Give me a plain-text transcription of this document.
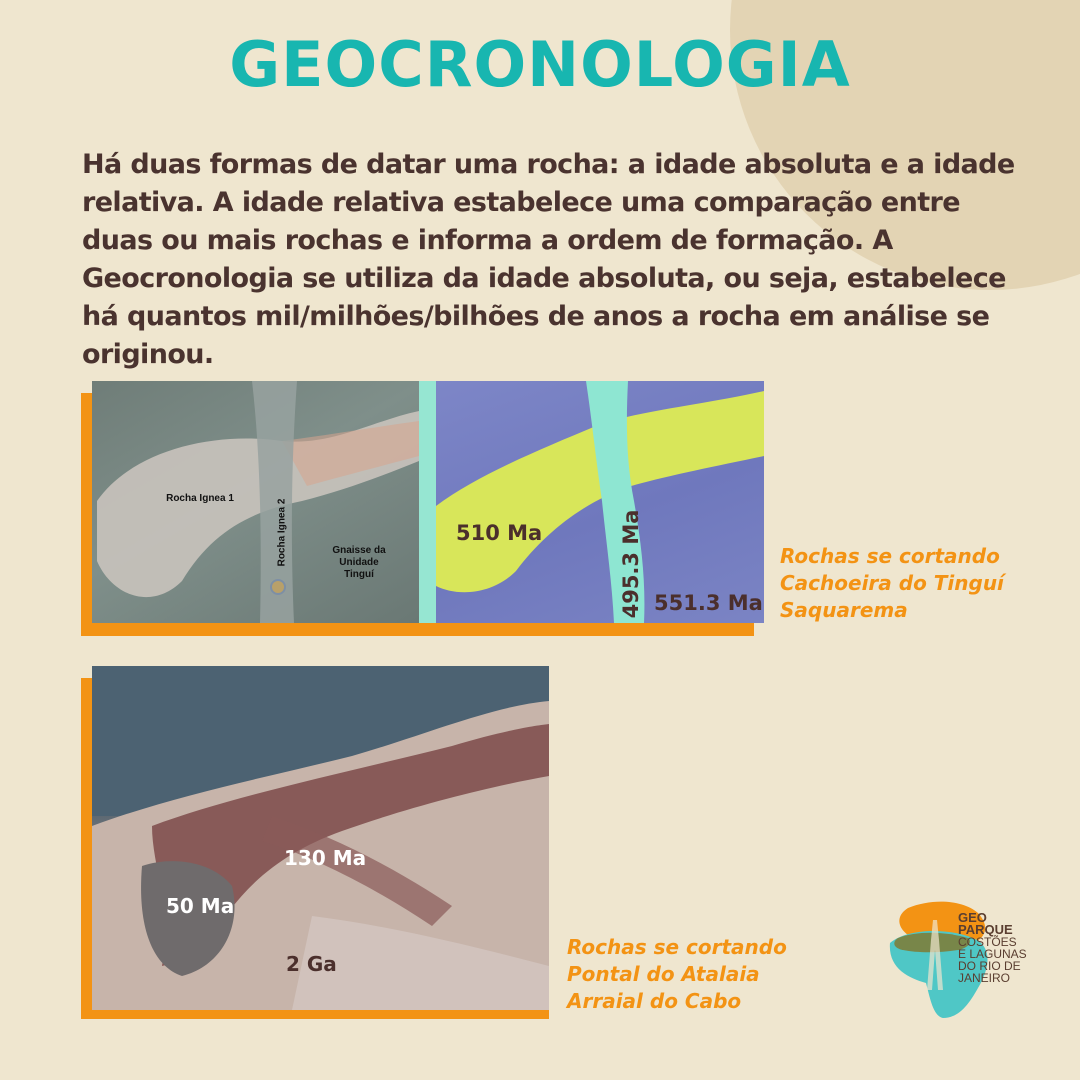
GEOCRONOLOGIA
Há duas formas de datar uma rocha: a idade absoluta e a idade relativa. A idade relativa estabelece uma comparação entre duas ou mais rochas e informa a ordem de formação. A Geocronologia se utiliza da idade absoluta, ou seja, estabelece há quantos mil/milhões/bilhões de anos a rocha em análise se originou.
Rocha Ignea 1
Rocha Ignea 2	Gnaisse da Unidade Tinguí
510 Ma	495.3 Ma 551.3 Ma
Rochas se cortando
Cachoeira do Tinguí
Saquarema
130 Ma
50 Ma
2 Ga
Rochas se cortando
Pontal do Atalaia
Arraial do Cabo
GEO
PARQUE
COSTÕES
E LAGUNAS
DO RIO DE
JANEIRO
